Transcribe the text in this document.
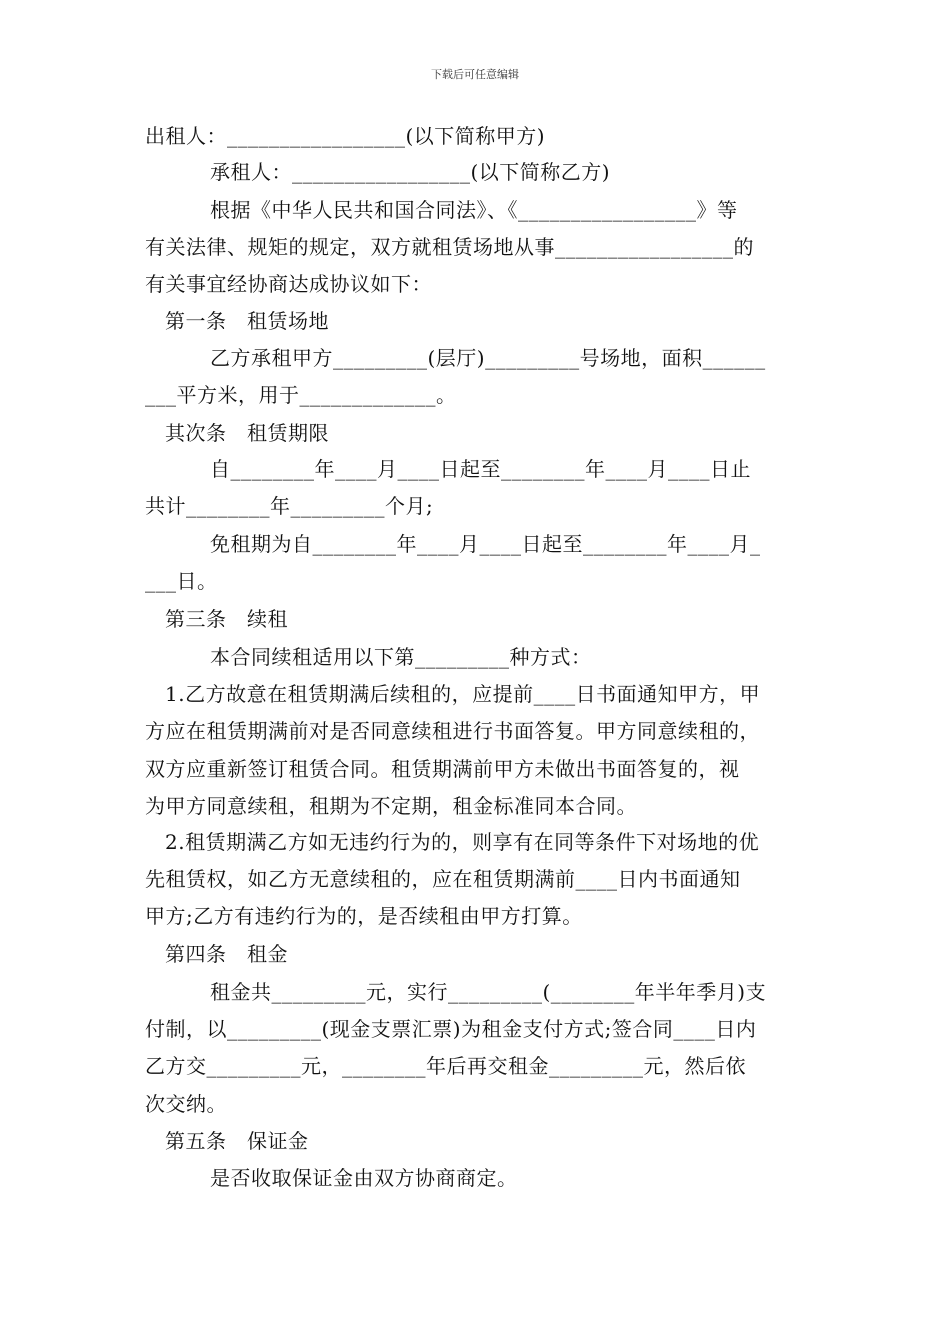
下载后可任意编辑
出租人：_________________(以下简称甲方)
承租人：_________________(以下简称乙方)
根据《中华人民共和国合同法》、《_________________》等
有关法律、规矩的规定，双方就租赁场地从事_________________的
有关事宜经协商达成协议如下：
第一条　租赁场地
乙方承租甲方_________(层厅)_________号场地，面积______
___平方米，用于_____________。
其次条　租赁期限
自________年____月____日起至________年____月____日止
共计________年_________个月;
免租期为自________年____月____日起至________年____月_
___日。
第三条　续租
本合同续租适用以下第_________种方式：
1.乙方故意在租赁期满后续租的，应提前____日书面通知甲方，甲
方应在租赁期满前对是否同意续租进行书面答复。甲方同意续租的，
双方应重新签订租赁合同。租赁期满前甲方未做出书面答复的，视
为甲方同意续租，租期为不定期，租金标准同本合同。
2.租赁期满乙方如无违约行为的，则享有在同等条件下对场地的优
先租赁权，如乙方无意续租的，应在租赁期满前____日内书面通知
甲方;乙方有违约行为的，是否续租由甲方打算。
第四条　租金
租金共_________元，实行_________(________年半年季月)支
付制，以_________(现金支票汇票)为租金支付方式;签合同____日内
乙方交_________元，________年后再交租金_________元，然后依
次交纳。
第五条　保证金
是否收取保证金由双方协商商定。
